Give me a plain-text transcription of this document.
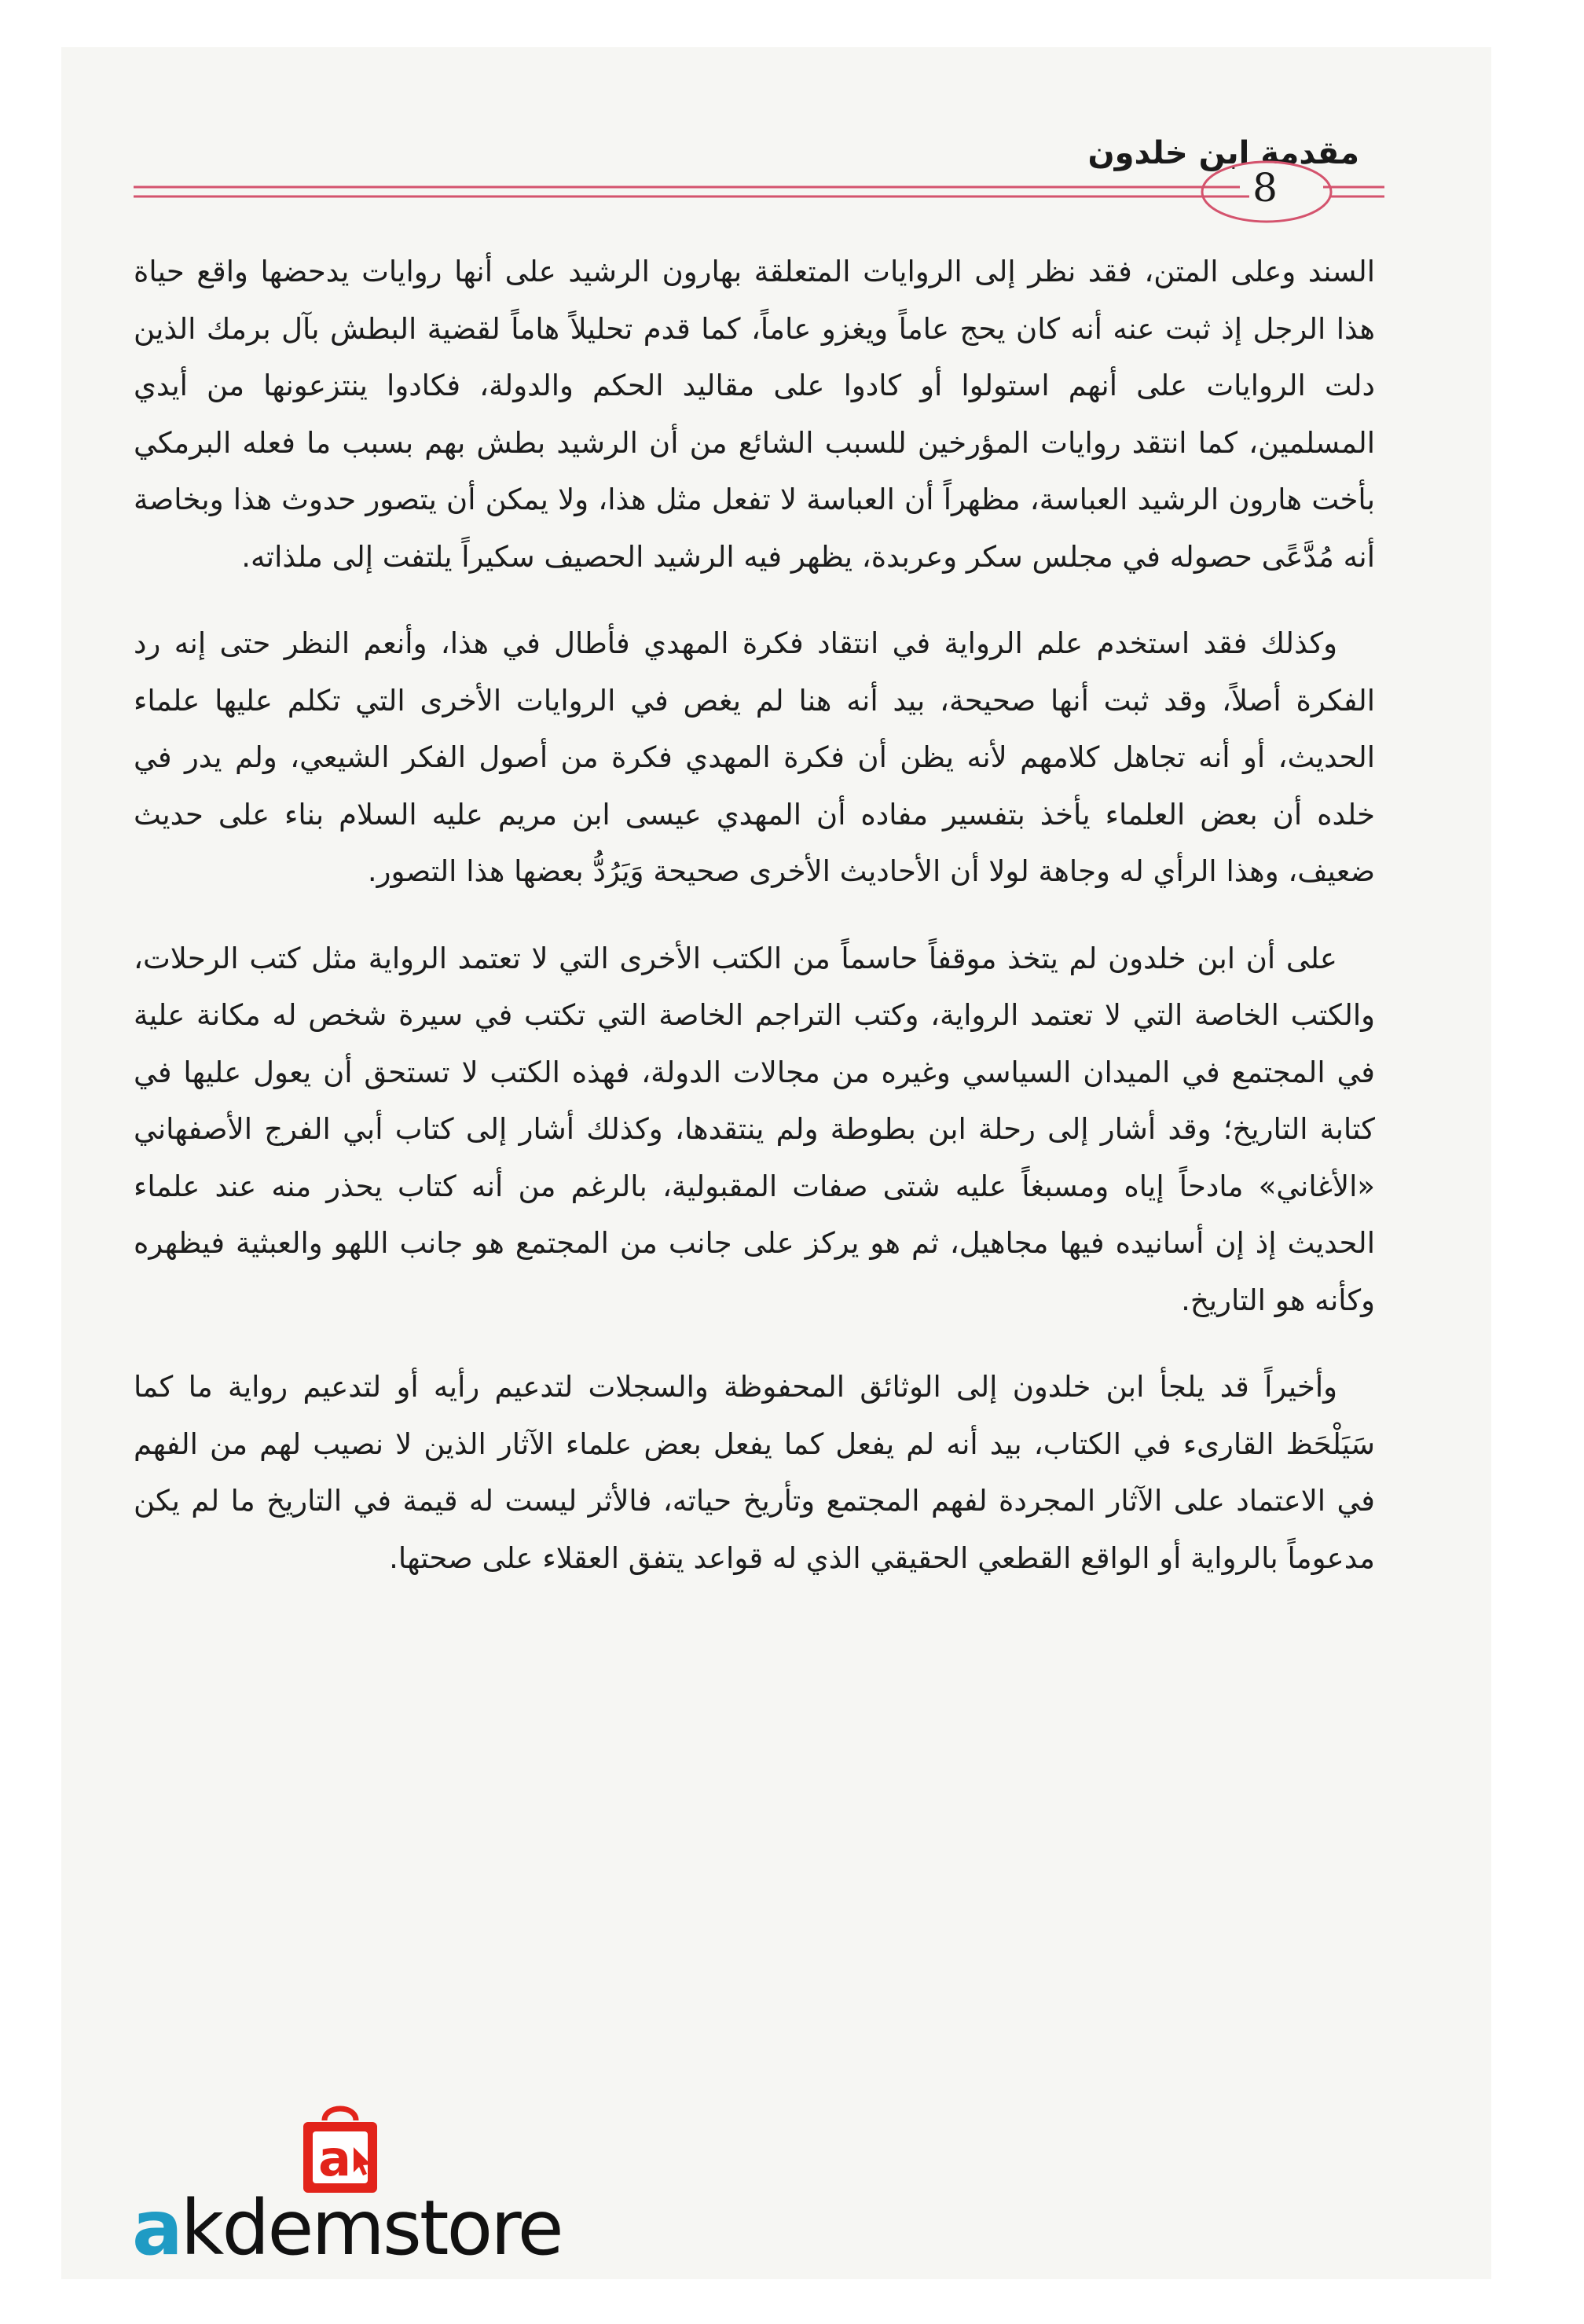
مقدمة ابن خلدون
8

السند وعلى المتن، فقد نظر إلى الروايات المتعلقة بهارون الرشيد على أنها روايات يدحضها واقع حياة هذا الرجل إذ ثبت عنه أنه كان يحج عاماً ويغزو عاماً، كما قدم تحليلاً هاماً لقضية البطش بآل برمك الذين دلت الروايات على أنهم استولوا أو كادوا على مقاليد الحكم والدولة، فكادوا ينتزعونها من أيدي المسلمين، كما انتقد روايات المؤرخين للسبب الشائع من أن الرشيد بطش بهم بسبب ما فعله البرمكي بأخت هارون الرشيد العباسة، مظهراً أن العباسة لا تفعل مثل هذا، ولا يمكن أن يتصور حدوث هذا وبخاصة أنه مُدَّعًى حصوله في مجلس سكر وعربدة، يظهر فيه الرشيد الحصيف سكيراً يلتفت إلى ملذاته.

وكذلك فقد استخدم علم الرواية في انتقاد فكرة المهدي فأطال في هذا، وأنعم النظر حتى إنه رد الفكرة أصلاً، وقد ثبت أنها صحيحة، بيد أنه هنا لم يغص في الروايات الأخرى التي تكلم عليها علماء الحديث، أو أنه تجاهل كلامهم لأنه يظن أن فكرة المهدي فكرة من أصول الفكر الشيعي، ولم يدر في خلده أن بعض العلماء يأخذ بتفسير مفاده أن المهدي عيسى ابن مريم عليه السلام بناء على حديث ضعيف، وهذا الرأي له وجاهة لولا أن الأحاديث الأخرى صحيحة وَيَرُدُّ بعضها هذا التصور.

على أن ابن خلدون لم يتخذ موقفاً حاسماً من الكتب الأخرى التي لا تعتمد الرواية مثل كتب الرحلات، والكتب الخاصة التي لا تعتمد الرواية، وكتب التراجم الخاصة التي تكتب في سيرة شخص له مكانة علية في المجتمع في الميدان السياسي وغيره من مجالات الدولة، فهذه الكتب لا تستحق أن يعول عليها في كتابة التاريخ؛ وقد أشار إلى رحلة ابن بطوطة ولم ينتقدها، وكذلك أشار إلى كتاب أبي الفرج الأصفهاني «الأغاني» مادحاً إياه ومسبغاً عليه شتى صفات المقبولية، بالرغم من أنه كتاب يحذر منه عند علماء الحديث إذ إن أسانيده فيها مجاهيل، ثم هو يركز على جانب من المجتمع هو جانب اللهو والعبثية فيظهره وكأنه هو التاريخ.

وأخيراً قد يلجأ ابن خلدون إلى الوثائق المحفوظة والسجلات لتدعيم رأيه أو لتدعيم رواية ما كما سَيَلْحَظ القارىء في الكتاب، بيد أنه لم يفعل كما يفعل بعض علماء الآثار الذين لا نصيب لهم من الفهم في الاعتماد على الآثار المجردة لفهم المجتمع وتأريخ حياته، فالأثر ليست له قيمة في التاريخ ما لم يكن مدعوماً بالرواية أو الواقع القطعي الحقيقي الذي له قواعد يتفق العقلاء على صحتها.

a
akdemstore
